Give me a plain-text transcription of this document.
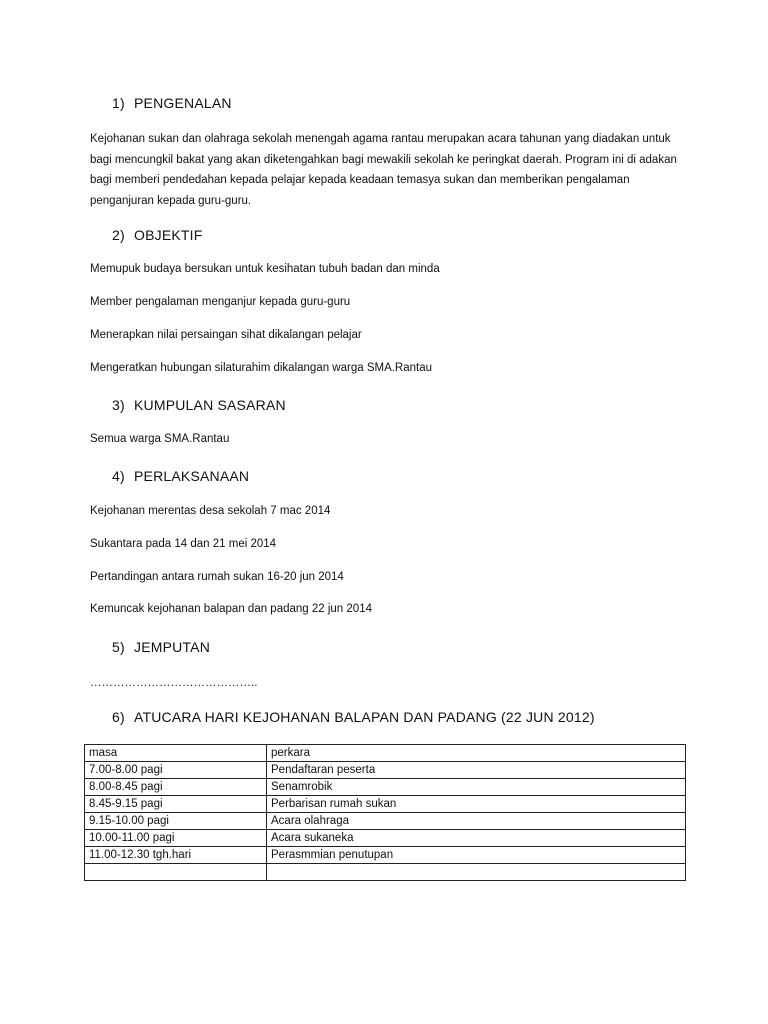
1) PENGENALAN

Kejohanan sukan dan olahraga sekolah menengah agama rantau merupakan acara tahunan yang diadakan untuk bagi mencungkil bakat yang akan diketengahkan bagi mewakili sekolah ke peringkat daerah. Program ini di adakan bagi memberi pendedahan kepada pelajar kepada keadaan temasya sukan dan memberikan pengalaman penganjuran kepada guru-guru.

2) OBJEKTIF

Memupuk budaya bersukan untuk kesihatan tubuh badan dan minda

Member pengalaman menganjur kepada guru-guru

Menerapkan nilai persaingan sihat dikalangan pelajar

Mengeratkan hubungan silaturahim dikalangan warga SMA.Rantau

3) KUMPULAN SASARAN

Semua warga SMA.Rantau

4) PERLAKSANAAN

Kejohanan merentas desa sekolah 7 mac 2014

Sukantara pada 14 dan 21 mei 2014

Pertandingan antara rumah sukan 16-20 jun 2014

Kemuncak kejohanan balapan dan padang 22 jun 2014

5) JEMPUTAN

……………………………………..

6) ATUCARA HARI KEJOHANAN BALAPAN DAN PADANG (22 JUN 2012)
masa	perkara
7.00-8.00 pagi	Pendaftaran peserta
8.00-8.45 pagi	Senamrobik
8.45-9.15 pagi	Perbarisan rumah sukan
9.15-10.00 pagi	Acara olahraga
10.00-11.00 pagi	Acara sukaneka
11.00-12.30 tgh.hari	Perasmmian penutupan
